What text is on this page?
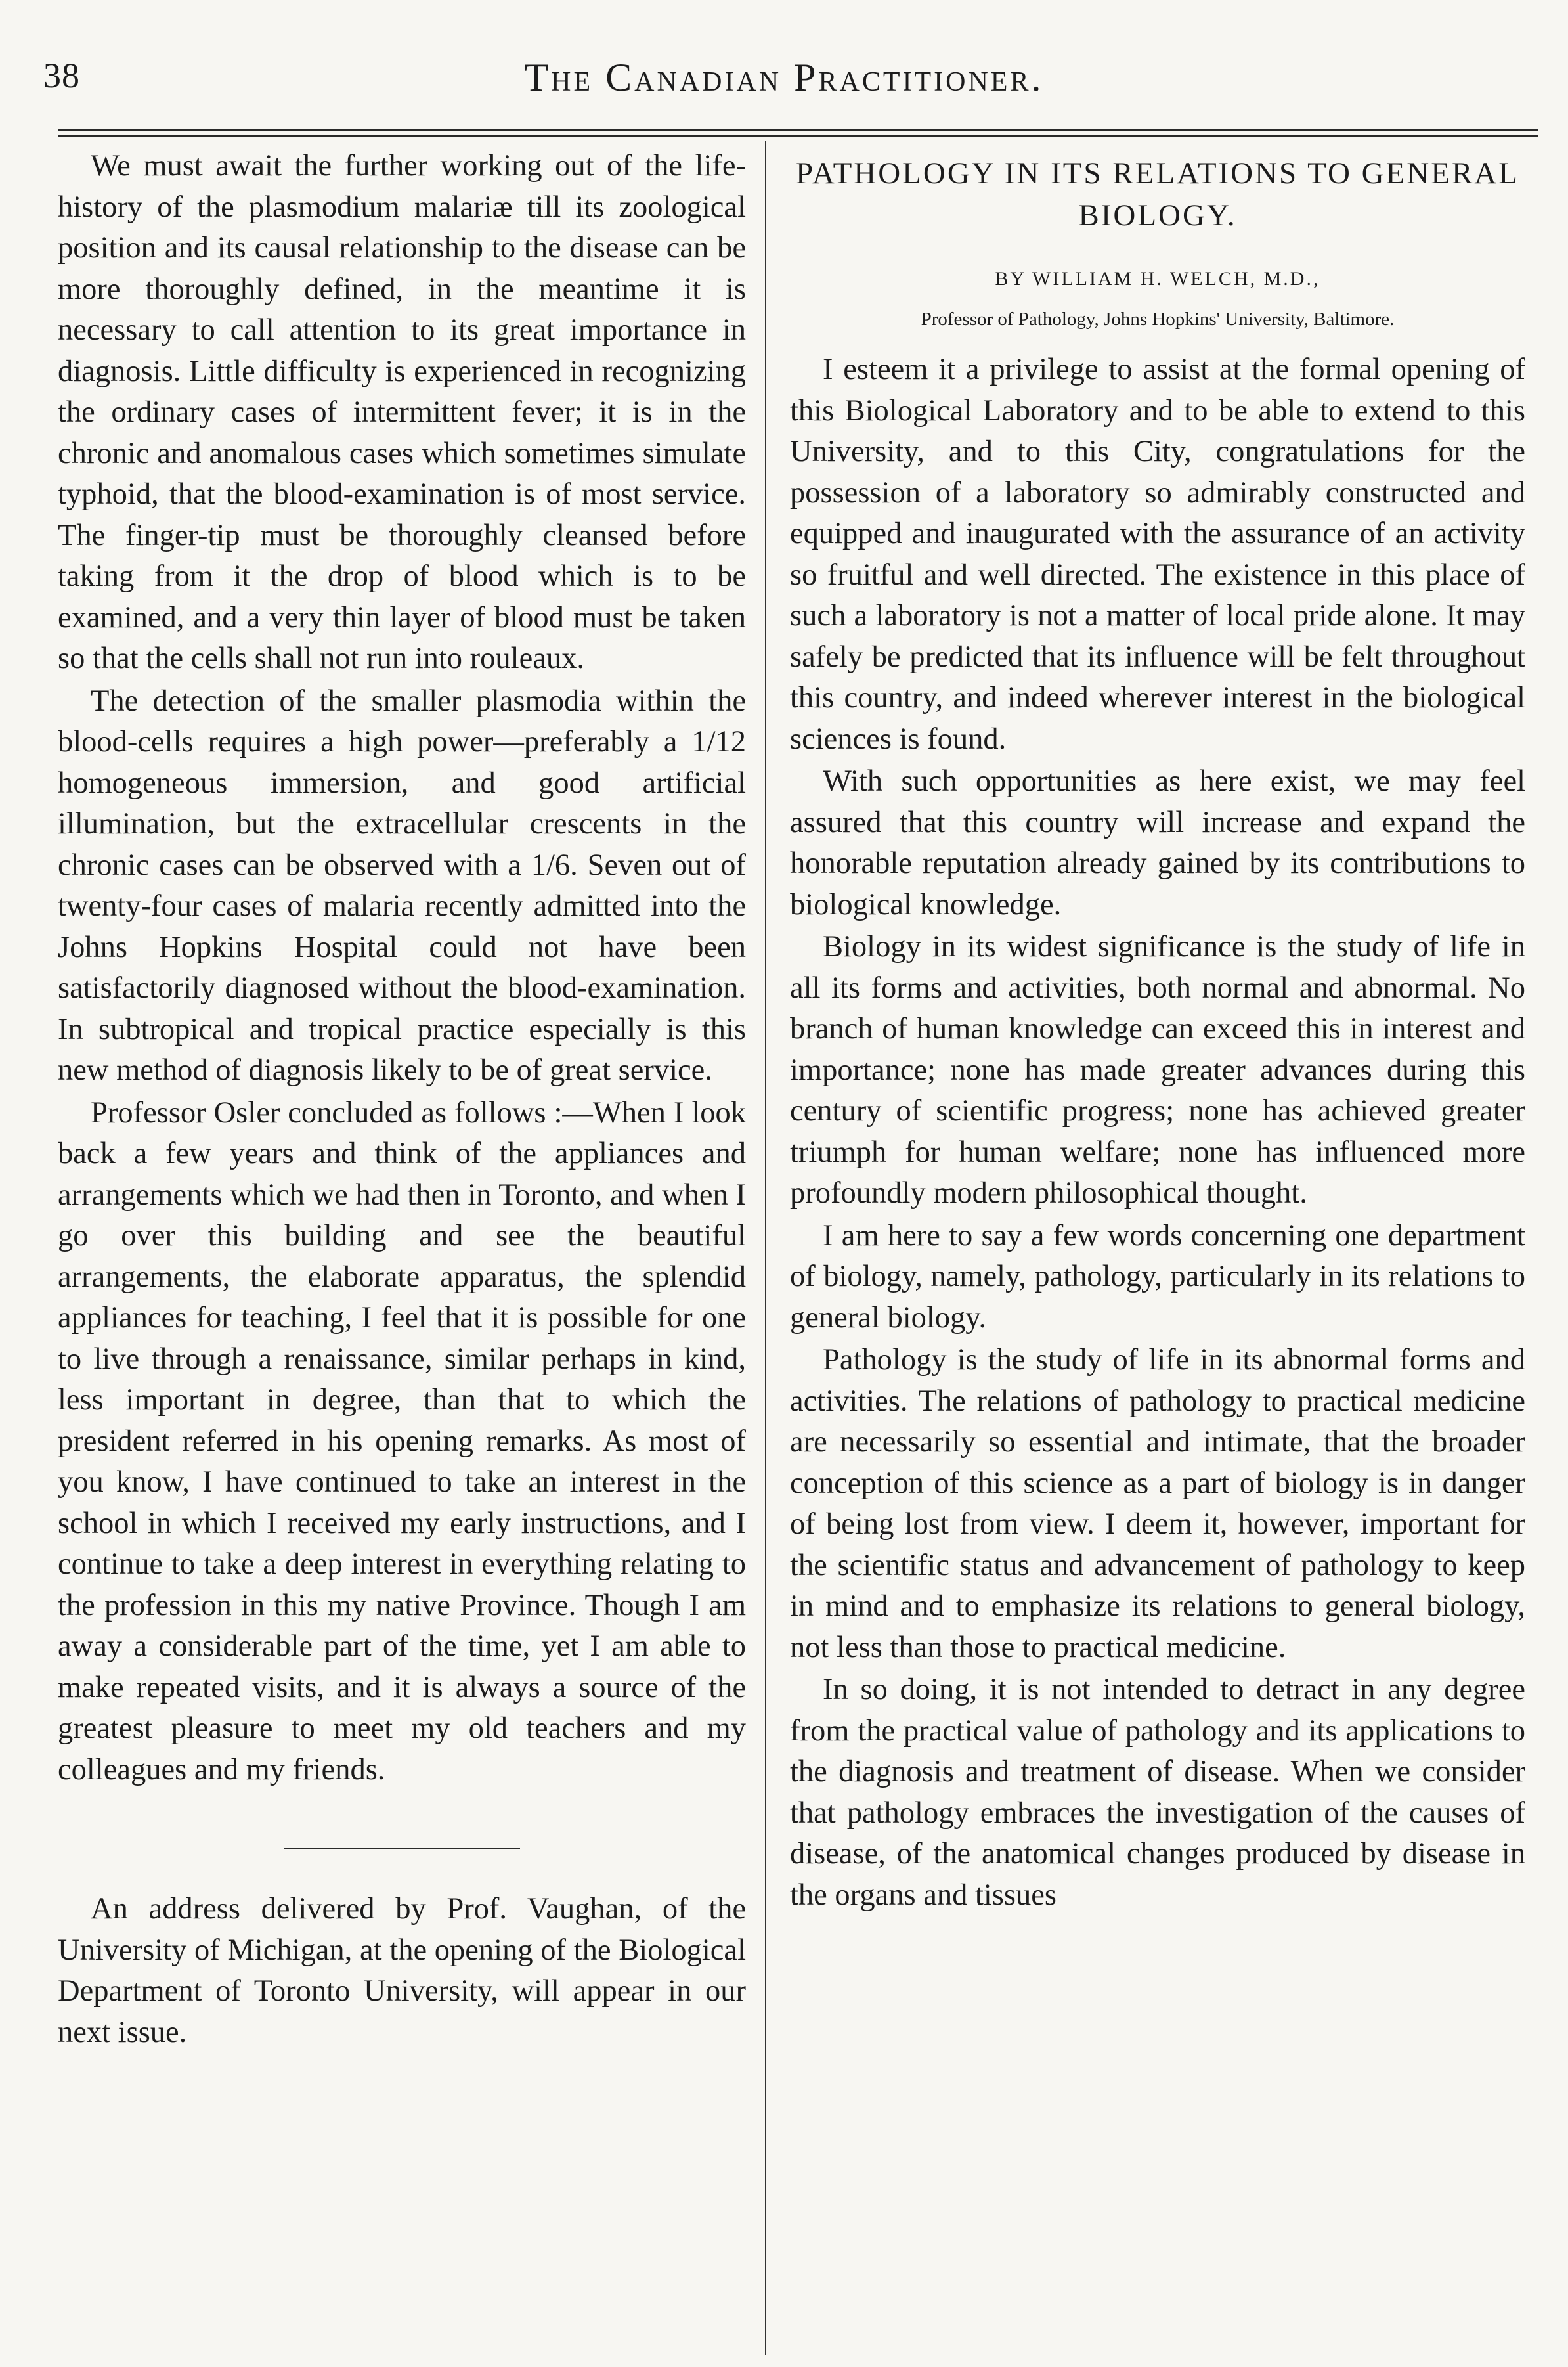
38	The Canadian Practitioner.

We must await the further working out of the life-history of the plasmodium malariæ till its zoological position and its causal relationship to the disease can be more thoroughly defined, in the meantime it is necessary to call attention to its great importance in diagnosis. Little difficulty is experienced in recognizing the ordinary cases of intermittent fever; it is in the chronic and anomalous cases which sometimes simulate typhoid, that the blood-examination is of most service. The finger-tip must be thoroughly cleansed before taking from it the drop of blood which is to be examined, and a very thin layer of blood must be taken so that the cells shall not run into rouleaux.

The detection of the smaller plasmodia within the blood-cells requires a high power—preferably a 1/12 homogeneous immersion, and good artificial illumination, but the extracellular crescents in the chronic cases can be observed with a 1/6. Seven out of twenty-four cases of malaria recently admitted into the Johns Hopkins Hospital could not have been satisfactorily diagnosed without the blood-examination. In subtropical and tropical practice especially is this new method of diagnosis likely to be of great service.

Professor Osler concluded as follows :—When I look back a few years and think of the appliances and arrangements which we had then in Toronto, and when I go over this building and see the beautiful arrangements, the elaborate apparatus, the splendid appliances for teaching, I feel that it is possible for one to live through a renaissance, similar perhaps in kind, less important in degree, than that to which the president referred in his opening remarks. As most of you know, I have continued to take an interest in the school in which I received my early instructions, and I continue to take a deep interest in everything relating to the profession in this my native Province. Though I am away a considerable part of the time, yet I am able to make repeated visits, and it is always a source of the greatest pleasure to meet my old teachers and my colleagues and my friends.

An address delivered by Prof. Vaughan, of the University of Michigan, at the opening of the Biological Department of Toronto University, will appear in our next issue.

PATHOLOGY IN ITS RELATIONS TO GENERAL BIOLOGY.
BY WILLIAM H. WELCH, M.D.,
Professor of Pathology, Johns Hopkins' University, Baltimore.

I esteem it a privilege to assist at the formal opening of this Biological Laboratory and to be able to extend to this University, and to this City, congratulations for the possession of a laboratory so admirably constructed and equipped and inaugurated with the assurance of an activity so fruitful and well directed. The existence in this place of such a laboratory is not a matter of local pride alone. It may safely be predicted that its influence will be felt throughout this country, and indeed wherever interest in the biological sciences is found.

With such opportunities as here exist, we may feel assured that this country will increase and expand the honorable reputation already gained by its contributions to biological knowledge.

Biology in its widest significance is the study of life in all its forms and activities, both normal and abnormal. No branch of human knowledge can exceed this in interest and importance; none has made greater advances during this century of scientific progress; none has achieved greater triumph for human welfare; none has influenced more profoundly modern philosophical thought.

I am here to say a few words concerning one department of biology, namely, pathology, particularly in its relations to general biology.

Pathology is the study of life in its abnormal forms and activities. The relations of pathology to practical medicine are necessarily so essential and intimate, that the broader conception of this science as a part of biology is in danger of being lost from view. I deem it, however, important for the scientific status and advancement of pathology to keep in mind and to emphasize its relations to general biology, not less than those to practical medicine.

In so doing, it is not intended to detract in any degree from the practical value of pathology and its applications to the diagnosis and treatment of disease. When we consider that pathology embraces the investigation of the causes of disease, of the anatomical changes produced by disease in the organs and tissues
